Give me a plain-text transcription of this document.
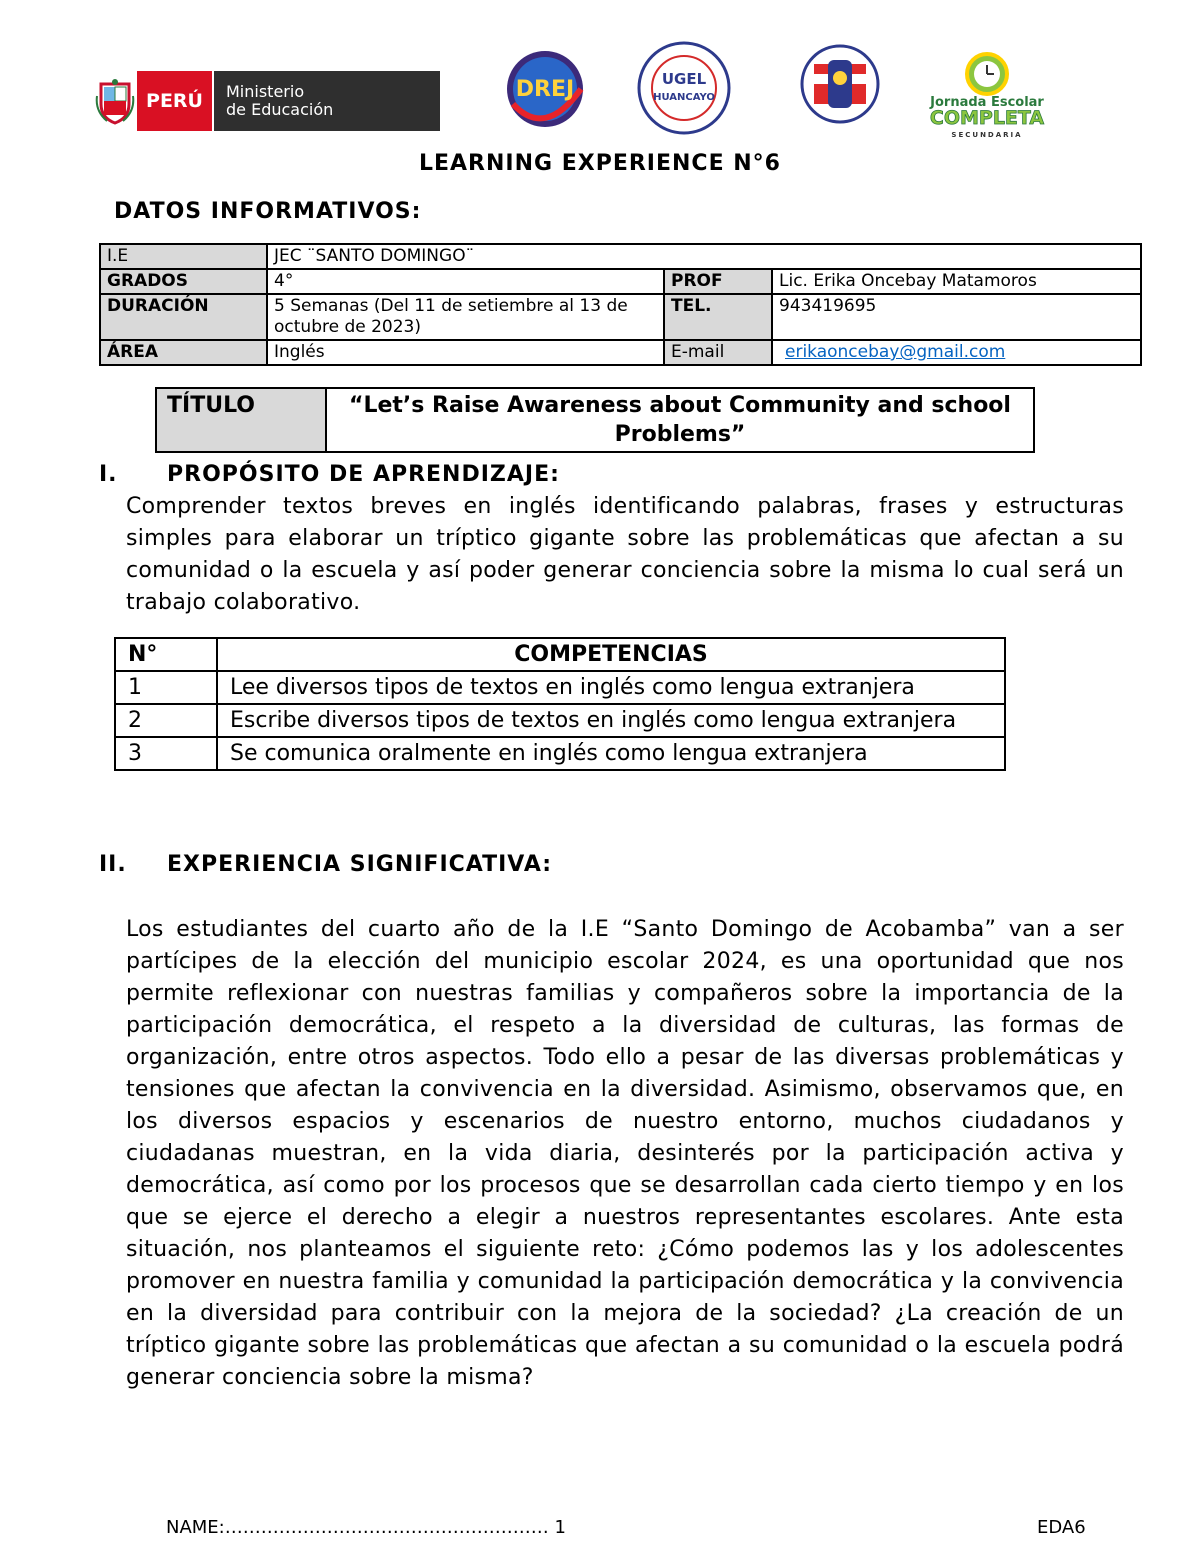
PERÚ	Ministerio
de Educación
DREJ	UGEL
HUANCAYO	Jornada Escolar
COMPLETA
SECUNDARIA
LEARNING EXPERIENCE N°6
DATOS INFORMATIVOS:
I.E	JEC ¨SANTO DOMINGO¨		
GRADOS	4°	PROF	Lic. Erika Oncebay Matamoros
DURACIÓN	5 Semanas (Del 11 de setiembre al 13 de octubre de 2023)	TEL.	943419695
ÁREA	Inglés	E-mail	erikaoncebay@gmail.com
TÍTULO	“Let’s Raise Awareness about Community and school Problems”
I. PROPÓSITO DE APRENDIZAJE:
Comprender textos breves en inglés identificando palabras, frases y estructuras simples para elaborar un tríptico gigante sobre las problemáticas que afectan a su comunidad o la escuela y así poder generar conciencia sobre la misma lo cual será un trabajo colaborativo.
N°	COMPETENCIAS
1	Lee diversos tipos de textos en inglés como lengua extranjera
2	Escribe diversos tipos de textos en inglés como lengua extranjera
3	Se comunica oralmente en inglés como lengua extranjera
II. EXPERIENCIA SIGNIFICATIVA:
Los estudiantes del cuarto año de la I.E “Santo Domingo de Acobamba” van a ser partícipes de la elección del municipio escolar 2024, es una oportunidad que nos permite reflexionar con nuestras familias y compañeros sobre la importancia de la participación democrática, el respeto a la diversidad de culturas, las formas de organización, entre otros aspectos. Todo ello a pesar de las diversas problemáticas y tensiones que afectan la convivencia en la diversidad. Asimismo, observamos que, en los diversos espacios y escenarios de nuestro entorno, muchos ciudadanos y ciudadanas muestran, en la vida diaria, desinterés por la participación activa y democrática, así como por los procesos que se desarrollan cada cierto tiempo y en los que se ejerce el derecho a elegir a nuestros representantes escolares. Ante esta situación, nos planteamos el siguiente reto: ¿Cómo podemos las y los adolescentes promover en nuestra familia y comunidad la participación democrática y la convivencia en la diversidad para contribuir con la mejora de la sociedad? ¿La creación de un tríptico gigante sobre las problemáticas que afectan a su comunidad o la escuela podrá generar conciencia sobre la misma?
NAME:……………………………………………… 1	EDA6
